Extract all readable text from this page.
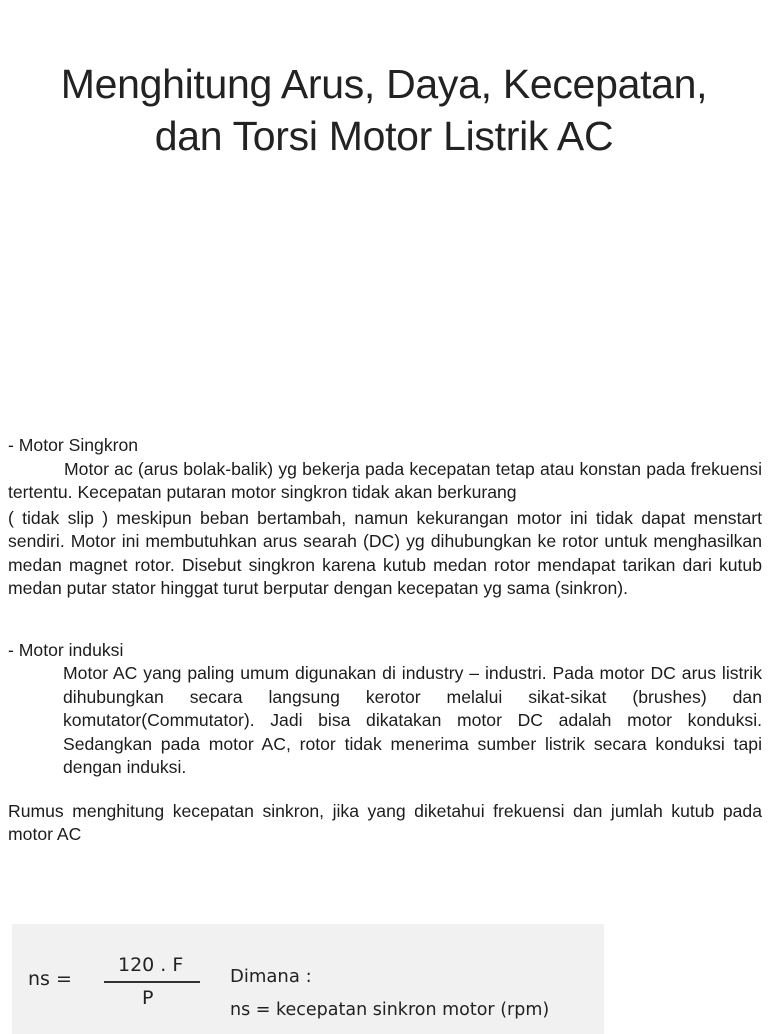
Menghitung Arus, Daya, Kecepatan,
dan Torsi Motor Listrik AC
- Motor Singkron

Motor ac (arus bolak-balik) yg bekerja pada kecepatan tetap atau konstan pada frekuensi tertentu. Kecepatan putaran motor singkron tidak akan berkurang

( tidak slip ) meskipun beban bertambah, namun kekurangan motor ini tidak dapat menstart sendiri. Motor ini membutuhkan arus searah (DC) yg dihubungkan ke rotor untuk menghasilkan medan magnet rotor. Disebut singkron karena kutub medan rotor mendapat tarikan dari kutub medan putar stator hinggat turut berputar dengan kecepatan yg sama (sinkron).

- Motor induksi

Motor AC yang paling umum digunakan di industry – industri. Pada motor DC arus listrik dihubungkan secara langsung kerotor melalui sikat-sikat (brushes) dan komutator(Commutator). Jadi bisa dikatakan motor DC adalah motor konduksi. Sedangkan pada motor AC, rotor tidak menerima sumber listrik secara konduksi tapi dengan induksi.

Rumus menghitung kecepatan sinkron, jika yang diketahui frekuensi dan jumlah kutub pada motor AC

ns =
120 . F
P
Dimana :
ns = kecepatan sinkron motor (rpm)
